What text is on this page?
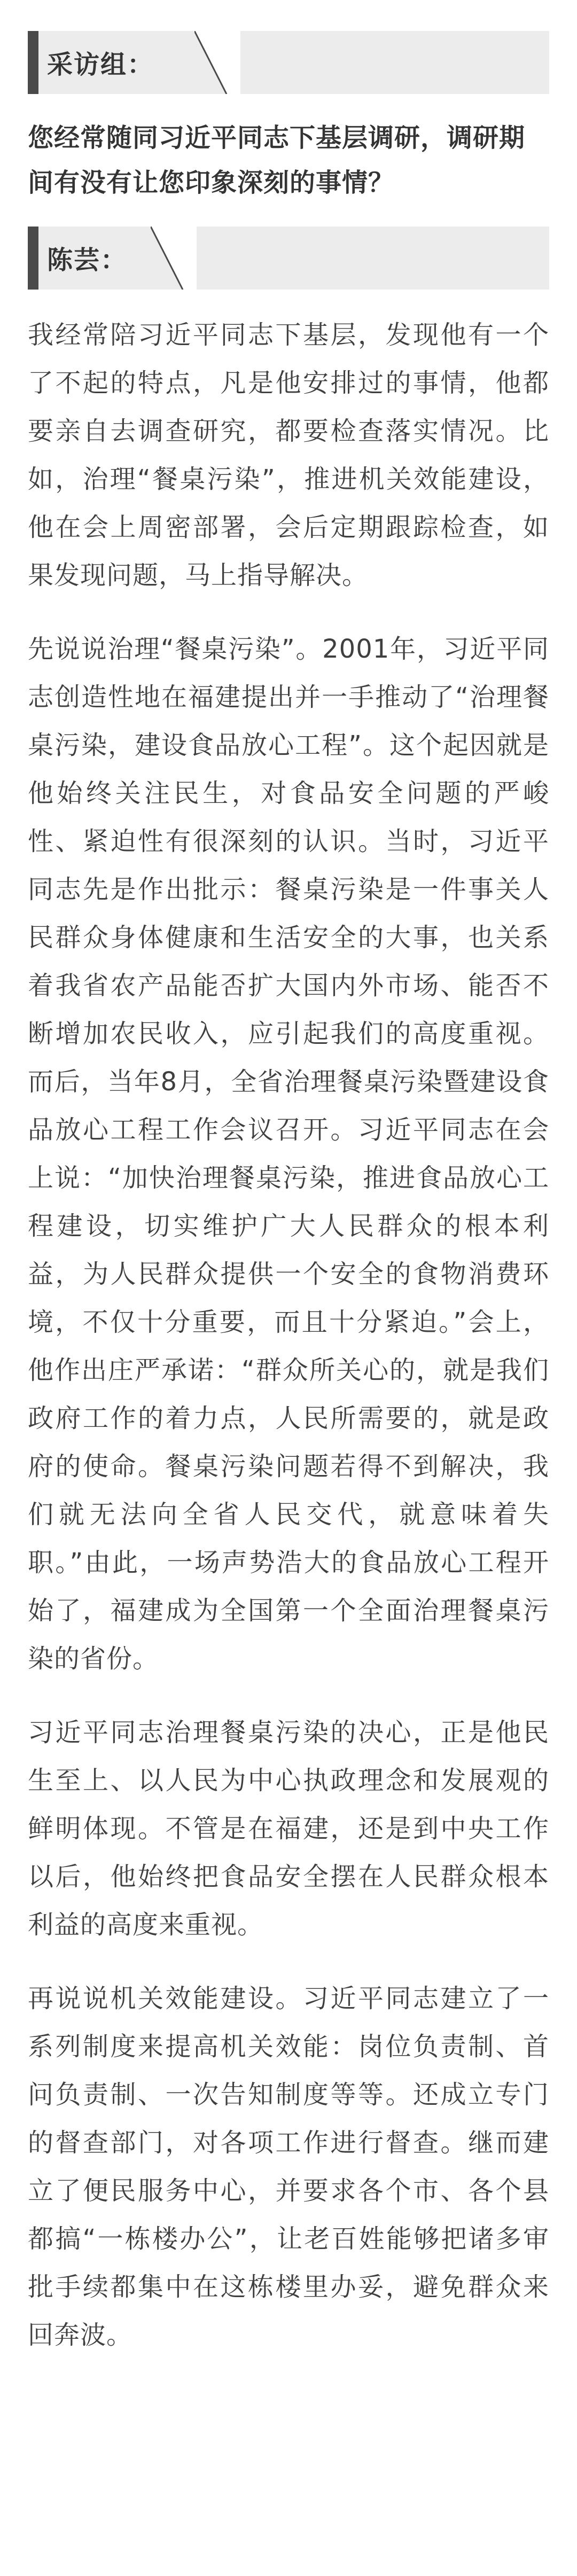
采访组：

您经常随同习近平同志下基层调研，调研期间有没有让您印象深刻的事情？

陈芸：

我经常陪习近平同志下基层，发现他有一个了不起的特点，凡是他安排过的事情，他都要亲自去调查研究，都要检查落实情况。比如，治理“餐桌污染”，推进机关效能建设，他在会上周密部署，会后定期跟踪检查，如果发现问题，马上指导解决。

先说说治理“餐桌污染”。2001年，习近平同志创造性地在福建提出并一手推动了“治理餐桌污染，建设食品放心工程”。这个起因就是他始终关注民生，对食品安全问题的严峻性、紧迫性有很深刻的认识。当时，习近平同志先是作出批示：餐桌污染是一件事关人民群众身体健康和生活安全的大事，也关系着我省农产品能否扩大国内外市场、能否不断增加农民收入，应引起我们的高度重视。而后，当年8月，全省治理餐桌污染暨建设食品放心工程工作会议召开。习近平同志在会上说：“加快治理餐桌污染，推进食品放心工程建设，切实维护广大人民群众的根本利益，为人民群众提供一个安全的食物消费环境，不仅十分重要，而且十分紧迫。”会上，他作出庄严承诺：“群众所关心的，就是我们政府工作的着力点，人民所需要的，就是政府的使命。餐桌污染问题若得不到解决，我们就无法向全省人民交代，就意味着失职。”由此，一场声势浩大的食品放心工程开始了，福建成为全国第一个全面治理餐桌污染的省份。

习近平同志治理餐桌污染的决心，正是他民生至上、以人民为中心执政理念和发展观的鲜明体现。不管是在福建，还是到中央工作以后，他始终把食品安全摆在人民群众根本利益的高度来重视。

再说说机关效能建设。习近平同志建立了一系列制度来提高机关效能：岗位负责制、首问负责制、一次告知制度等等。还成立专门的督查部门，对各项工作进行督查。继而建立了便民服务中心，并要求各个市、各个县都搞“一栋楼办公”，让老百姓能够把诸多审批手续都集中在这栋楼里办妥，避免群众来回奔波。
